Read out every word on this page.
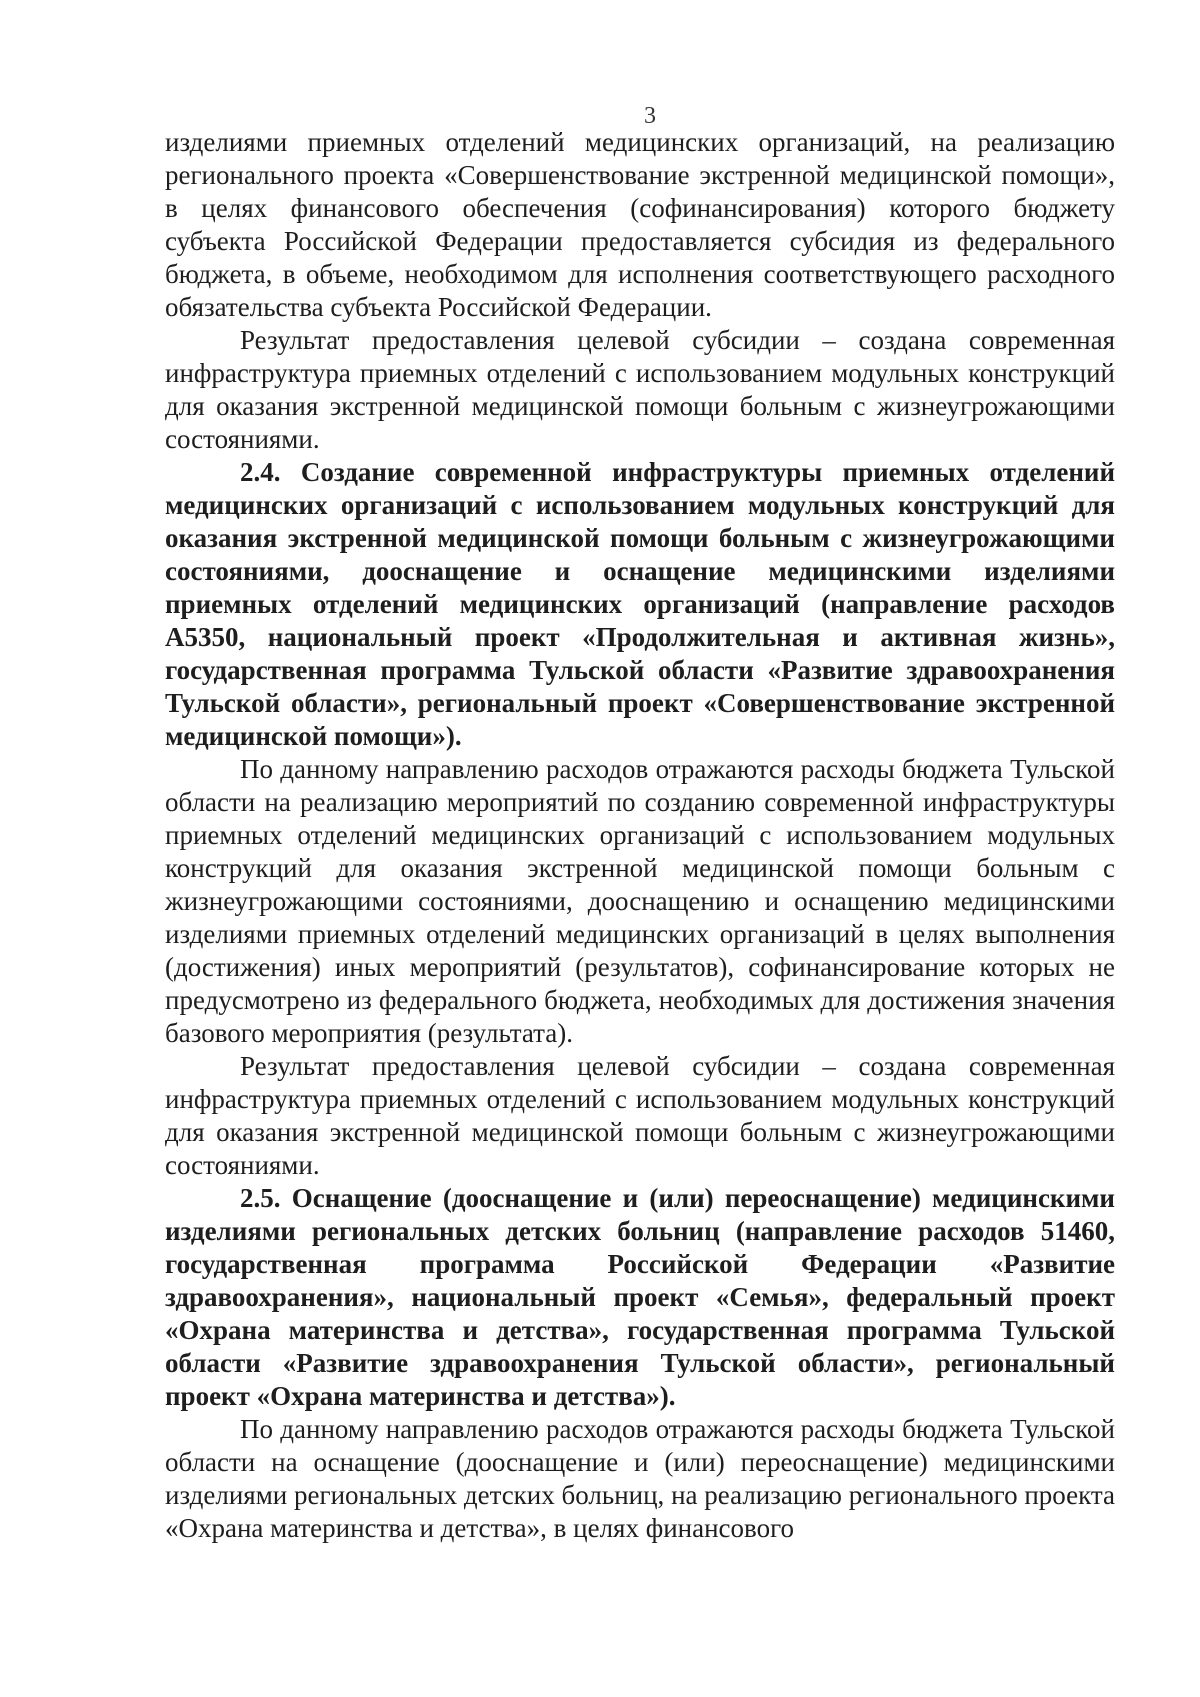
3

изделиями приемных отделений медицинских организаций, на реализацию регионального проекта «Совершенствование экстренной медицинской помощи», в целях финансового обеспечения (софинансирования) которого бюджету субъекта Российской Федерации предоставляется субсидия из федерального бюджета, в объеме, необходимом для исполнения соответствующего расходного обязательства субъекта Российской Федерации.

Результат предоставления целевой субсидии – создана современная инфраструктура приемных отделений с использованием модульных конструкций для оказания экстренной медицинской помощи больным с жизнеугрожающими состояниями.

2.4. Создание современной инфраструктуры приемных отделений медицинских организаций с использованием модульных конструкций для оказания экстренной медицинской помощи больным с жизнеугрожающими состояниями, дооснащение и оснащение медицинскими изделиями приемных отделений медицинских организаций (направление расходов А5350, национальный проект «Продолжительная и активная жизнь», государственная программа Тульской области «Развитие здравоохранения Тульской области», региональный проект «Совершенствование экстренной медицинской помощи»).

По данному направлению расходов отражаются расходы бюджета Тульской области на реализацию мероприятий по созданию современной инфраструктуры приемных отделений медицинских организаций с использованием модульных конструкций для оказания экстренной медицинской помощи больным с жизнеугрожающими состояниями, дооснащению и оснащению медицинскими изделиями приемных отделений медицинских организаций в целях выполнения (достижения) иных мероприятий (результатов), софинансирование которых не предусмотрено из федерального бюджета, необходимых для достижения значения базового мероприятия (результата).

Результат предоставления целевой субсидии – создана современная инфраструктура приемных отделений с использованием модульных конструкций для оказания экстренной медицинской помощи больным с жизнеугрожающими состояниями.

2.5. Оснащение (дооснащение и (или) переоснащение) медицинскими изделиями региональных детских больниц (направление расходов 51460, государственная программа Российской Федерации «Развитие здравоохранения», национальный проект «Семья», федеральный проект «Охрана материнства и детства», государственная программа Тульской области «Развитие здравоохранения Тульской области», региональный проект «Охрана материнства и детства»).

По данному направлению расходов отражаются расходы бюджета Тульской области на оснащение (дооснащение и (или) переоснащение) медицинскими изделиями региональных детских больниц, на реализацию регионального проекта «Охрана материнства и детства», в целях финансового
